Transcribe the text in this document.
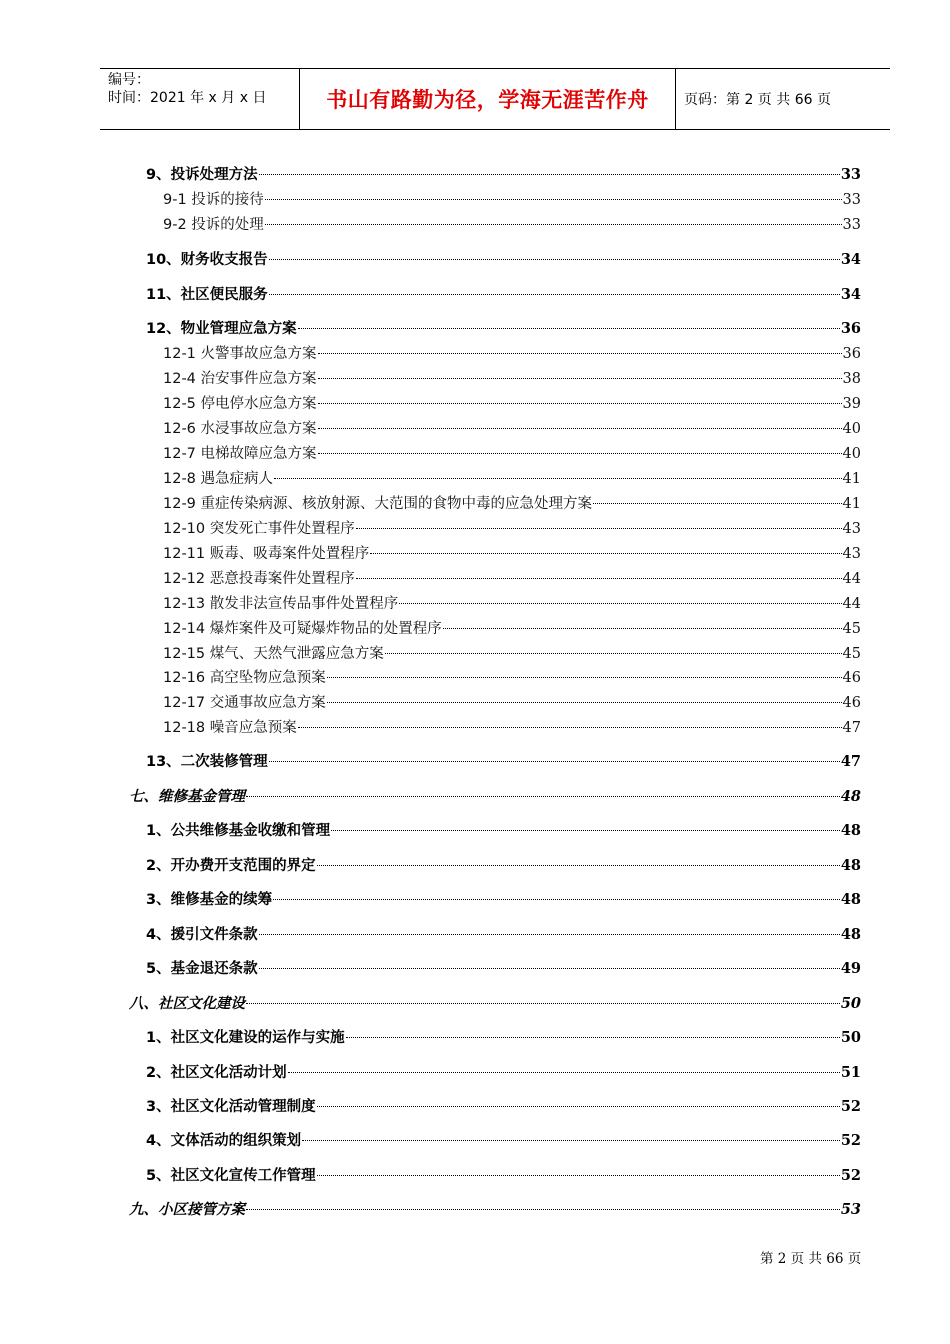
编号：
时间：2021 年 x 月 x 日	书山有路勤为径，学海无涯苦作舟	页码：第 2 页 共 66 页
9、投诉处理方法	33
9-1 投诉的接待	33
9-2 投诉的处理	33
10、财务收支报告	34
11、社区便民服务	34
12、物业管理应急方案	36
12-1 火警事故应急方案	36
12-4 治安事件应急方案	38
12-5 停电停水应急方案	39
12-6 水浸事故应急方案	40
12-7 电梯故障应急方案	40
12-8 遇急症病人	41
12-9 重症传染病源、核放射源、大范围的食物中毒的应急处理方案	41
12-10 突发死亡事件处置程序	43
12-11 贩毒、吸毒案件处置程序	43
12-12 恶意投毒案件处置程序	44
12-13 散发非法宣传品事件处置程序	44
12-14 爆炸案件及可疑爆炸物品的处置程序	45
12-15 煤气、天然气泄露应急方案	45
12-16 高空坠物应急预案	46
12-17 交通事故应急方案	46
12-18 噪音应急预案	47
13、二次装修管理	47
七、维修基金管理	48
1、公共维修基金收缴和管理	48
2、开办费开支范围的界定	48
3、维修基金的续筹	48
4、援引文件条款	48
5、基金退还条款	49
八、社区文化建设	50
1、社区文化建设的运作与实施	50
2、社区文化活动计划	51
3、社区文化活动管理制度	52
4、文体活动的组织策划	52
5、社区文化宣传工作管理	52
九、小区接管方案	53
第 2 页 共 66 页
